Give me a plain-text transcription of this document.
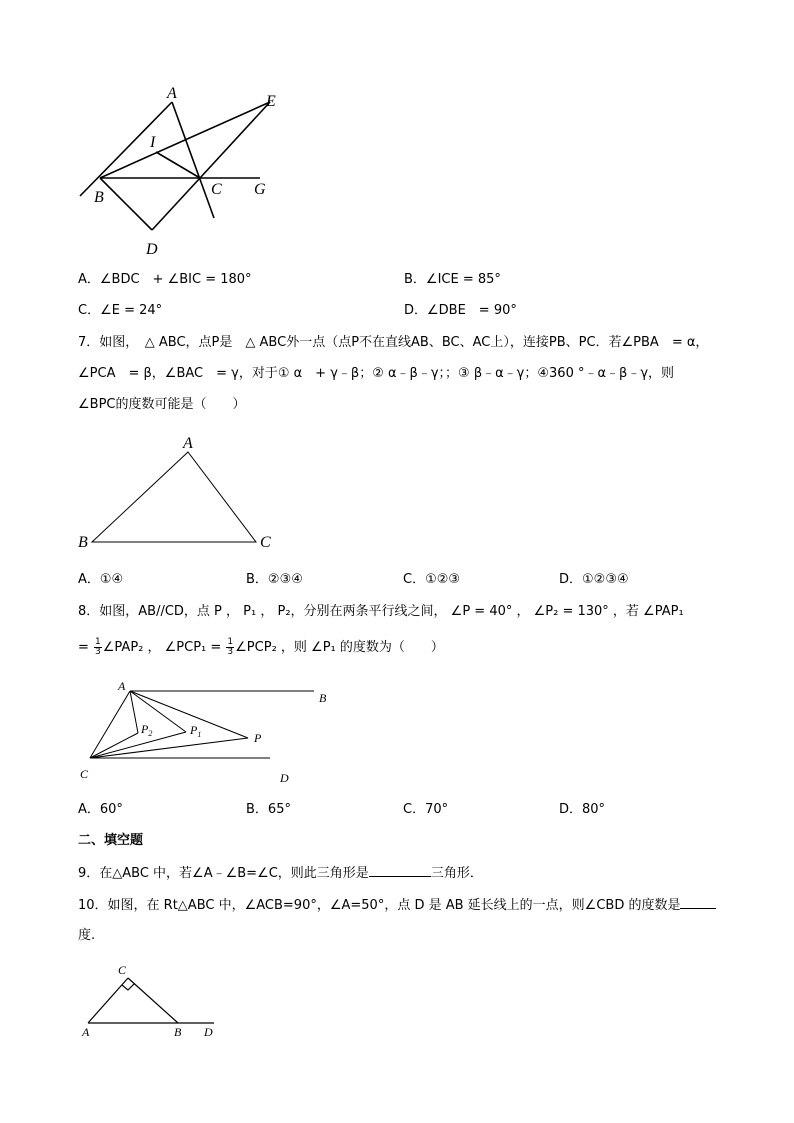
A	E
I
B	C G
D
A．∠BDC　+ ∠BIC = 180°	B．∠ICE = 85°
C．∠E = 24°	D．∠DBE　= 90°
7．如图，　△ ABC，点P是　△ ABC外一点（点P不在直线AB、BC、AC上），连接PB、PC．若∠PBA　= α，
∠PCA　= β，∠BAC　= γ，对于① α　+ γ﹣β；② α﹣β﹣γ；；③ β﹣α﹣γ；④360 °﹣α﹣β﹣γ，则
∠BPC的度数可能是（　　）
A
B	C
A．①④	B．②③④	C．①②③	D．①②③④
8．如图，AB//CD，点 P ， P₁ ， P₂，分别在两条平行线之间， ∠P = 40° ， ∠P₂ = 130° ，若 ∠PAP₁
= $\frac{1}{3}$ ∠PAP₂ ， ∠PCP₁ = $\frac{1}{3}$ ∠PCP₂ ，则 ∠P₁ 的度数为（　　）
A
B
$P_2$	$P_1$	P
C	D
A．60°	B．65°	C．70°	D．80°
二、填空题
9．在△ABC 中，若∠A﹣∠B=∠C，则此三角形是	三角形．
10．如图，在 Rt△ABC 中，∠ACB=90°，∠A=50°，点 D 是 AB 延长线上的一点，则∠CBD 的度数是
度.
C
A	B D
